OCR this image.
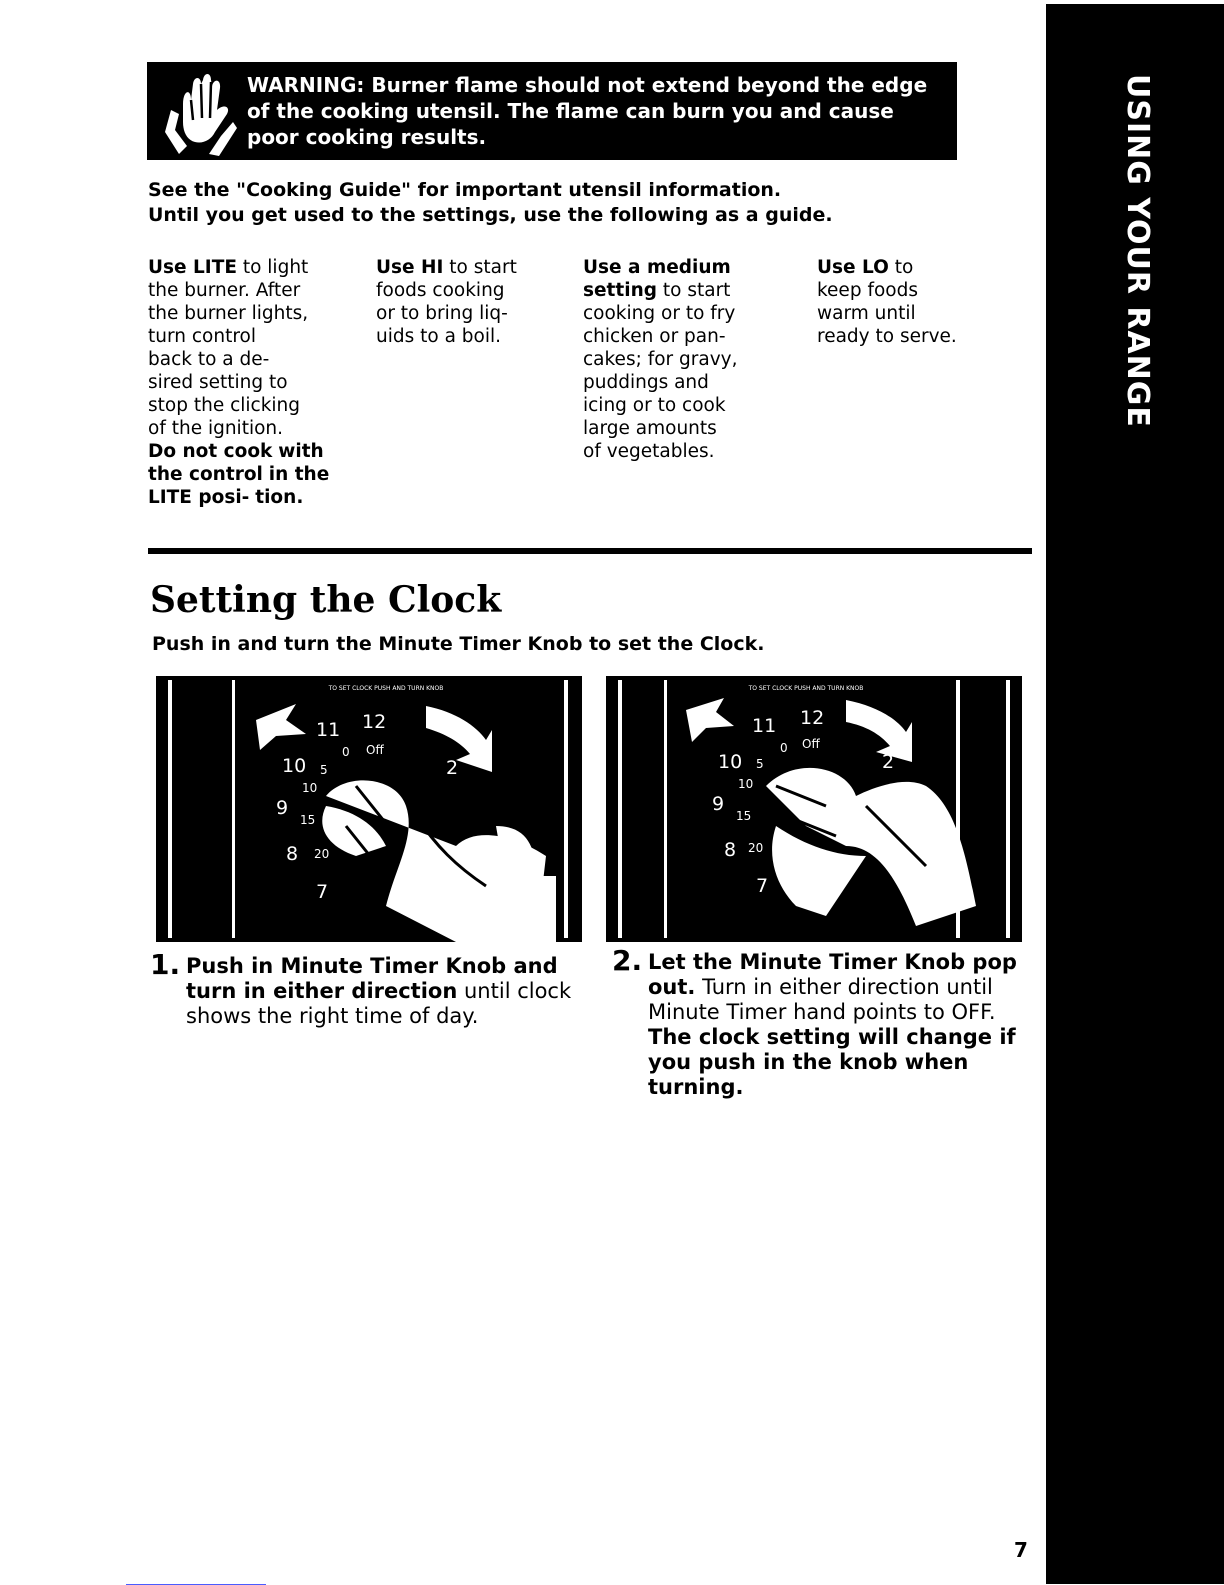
USING YOUR RANGE

WARNING: Burner flame should not extend beyond the edge
of the cooking utensil. The flame can burn you and cause
poor cooking results.

See the "Cooking Guide" for important utensil information.
Until you get used to the settings, use the following as a guide.

Use LITE to light
the burner. After
the burner lights,
turn control
back to a de-
sired setting to
stop the clicking
of the ignition.
Do not cook with the control in the LITE posi- tion.

Use HI to start
foods cooking
or to bring liq-
uids to a boil.

Use a medium
setting to start
cooking or to fry
chicken or pan-
cakes; for gravy,
puddings and
icing or to cook
large amounts
of vegetables.

Use LO to
keep foods
warm until
ready to serve.

Setting the Clock

Push in and turn the Minute Timer Knob to set the Clock.

TO SET CLOCK PUSH AND TURN KNOB
11 12
10	2
9
8
7
0 Off
5
10
15
20
TO SET CLOCK PUSH AND TURN KNOB
11 12
10	2
9
8
7
0 Off
5
10
15
20
1. Push in Minute Timer Knob and
turn in either direction until clock
shows the right time of day.

2. Let the Minute Timer Knob pop
out. Turn in either direction until
Minute Timer hand points to OFF.
The clock setting will change if
you push in the knob when
turning.

7
